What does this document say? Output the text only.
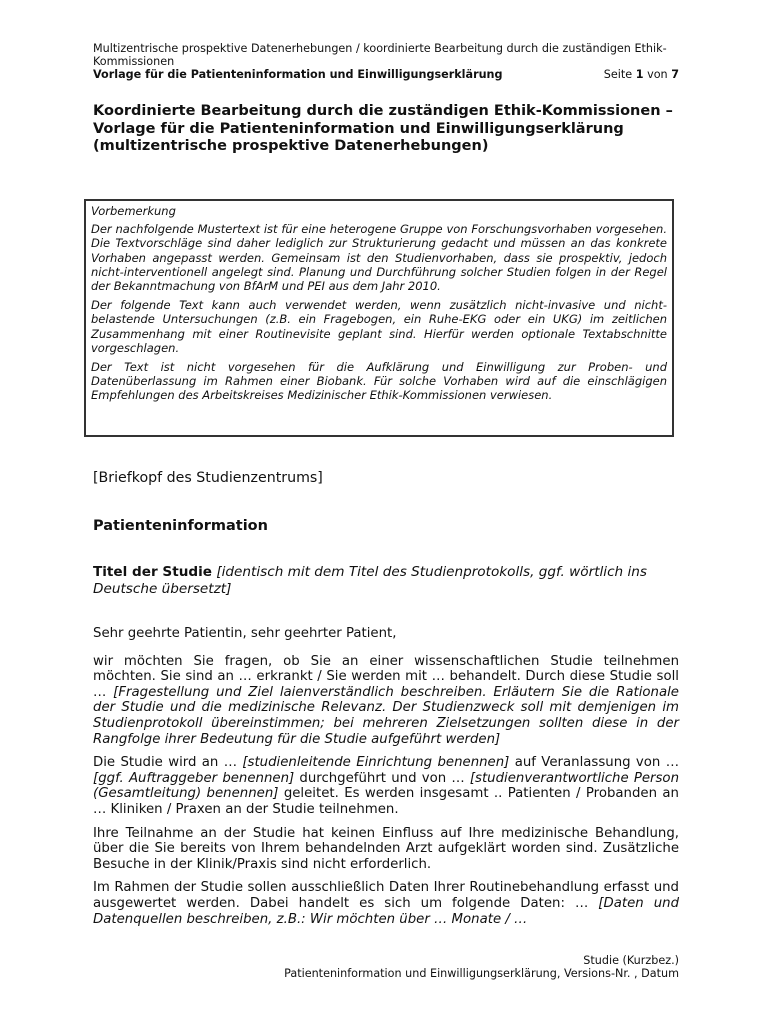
Multizentrische prospektive Datenerhebungen / koordinierte Bearbeitung durch die zuständigen Ethik-Kommissionen
Vorlage für die Patienteninformation und Einwilligungserklärung	Seite 1 von 7
Koordinierte Bearbeitung durch die zuständigen Ethik-Kommissionen – Vorlage für die Patienteninformation und Einwilligungserklärung (multizentrische prospektive Datenerhebungen)

Vorbemerkung

Der nachfolgende Mustertext ist für eine heterogene Gruppe von Forschungsvorhaben vorgesehen. Die Textvorschläge sind daher lediglich zur Strukturierung gedacht und müssen an das konkrete Vorhaben angepasst werden. Gemeinsam ist den Studienvorhaben, dass sie prospektiv, jedoch nicht-interventionell angelegt sind. Planung und Durchführung solcher Studien folgen in der Regel der Bekanntmachung von BfArM und PEI aus dem Jahr 2010.

Der folgende Text kann auch verwendet werden, wenn zusätzlich nicht-invasive und nicht-belastende Untersuchungen (z.B. ein Fragebogen, ein Ruhe-EKG oder ein UKG) im zeitlichen Zusammenhang mit einer Routinevisite geplant sind. Hierfür werden optionale Textabschnitte vorgeschlagen.

Der Text ist nicht vorgesehen für die Aufklärung und Einwilligung zur Proben- und Datenüberlassung im Rahmen einer Biobank. Für solche Vorhaben wird auf die einschlägigen Empfehlungen des Arbeitskreises Medizinischer Ethik-Kommissionen verwiesen.

[Briefkopf des Studienzentrums]
Patienteninformation
Titel der Studie [identisch mit dem Titel des Studienprotokolls, ggf. wörtlich ins Deutsche übersetzt]

Sehr geehrte Patientin, sehr geehrter Patient,

wir möchten Sie fragen, ob Sie an einer wissenschaftlichen Studie teilnehmen möchten. Sie sind an … erkrankt / Sie werden mit … behandelt. Durch diese Studie soll … [Fragestellung und Ziel laienverständlich beschreiben. Erläutern Sie die Rationale der Studie und die medizinische Relevanz. Der Studienzweck soll mit demjenigen im Studienprotokoll übereinstimmen; bei mehreren Zielsetzungen sollten diese in der Rangfolge ihrer Bedeutung für die Studie aufgeführt werden]

Die Studie wird an … [studienleitende Einrichtung benennen] auf Veranlassung von … [ggf. Auftraggeber benennen] durchgeführt und von … [studienverantwortliche Person (Gesamtleitung) benennen] geleitet. Es werden insgesamt .. Patienten / Probanden an … Kliniken / Praxen an der Studie teilnehmen.

Ihre Teilnahme an der Studie hat keinen Einfluss auf Ihre medizinische Behandlung, über die Sie bereits von Ihrem behandelnden Arzt aufgeklärt worden sind. Zusätzliche Besuche in der Klinik/Praxis sind nicht erforderlich.

Im Rahmen der Studie sollen ausschließlich Daten Ihrer Routinebehandlung erfasst und ausgewertet werden. Dabei handelt es sich um folgende Daten: … [Daten und Datenquellen beschreiben, z.B.: Wir möchten über … Monate / …

Studie (Kurzbez.)
Patienteninformation und Einwilligungserklärung, Versions-Nr. , Datum
